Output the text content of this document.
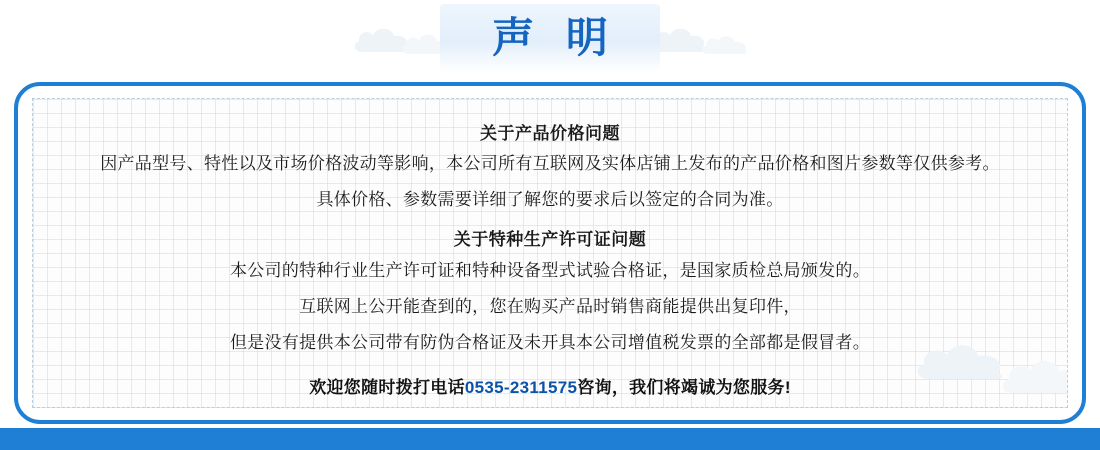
声 明
关于产品价格问题
因产品型号、特性以及市场价格波动等影响，本公司所有互联网及实体店铺上发布的产品价格和图片参数等仅供参考。
具体价格、参数需要详细了解您的要求后以签定的合同为准。
关于特种生产许可证问题
本公司的特种行业生产许可证和特种设备型式试验合格证，是国家质检总局颁发的。
互联网上公开能查到的，您在购买产品时销售商能提供出复印件，
但是没有提供本公司带有防伪合格证及未开具本公司增值税发票的全部都是假冒者。
欢迎您随时拨打电话0535-2311575咨询，我们将竭诚为您服务!
